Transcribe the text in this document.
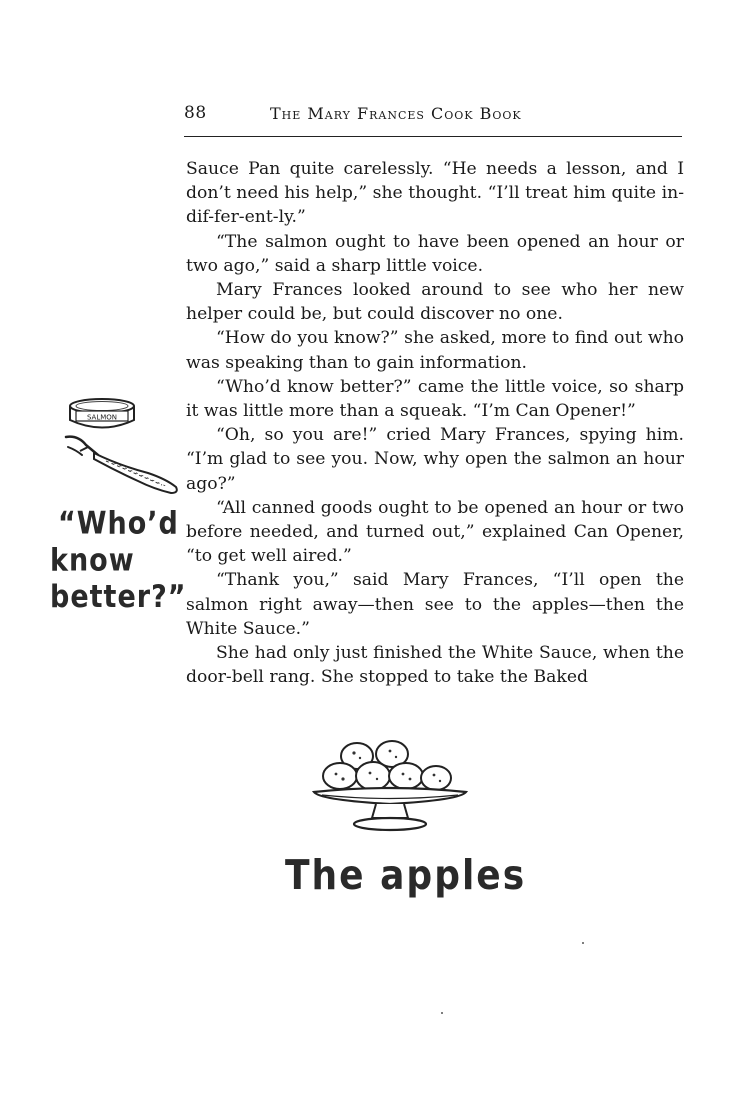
88	The Mary Frances Cook Book

Sauce Pan quite carelessly. “He needs a lesson, and I don’t need his help,” she thought. “I’ll treat him quite in-dif-fer-ent-ly.”

“The salmon ought to have been opened an hour or two ago,” said a sharp little voice.

Mary Frances looked around to see who her new helper could be, but could discover no one.

“How do you know?” she asked, more to find out who was speaking than to gain information.

“Who’d know better?” came the little voice, so sharp it was little more than a squeak. “I’m Can Opener!”

“Oh, so you are!” cried Mary Frances, spying him. “I’m glad to see you. Now, why open the salmon an hour ago?”

“All canned goods ought to be opened an hour or two before needed, and turned out,” explained Can Opener, “to get well aired.”

“Thank you,” said Mary Frances, “I’ll open the salmon right away—then see to the apples—then the White Sauce.”

She had only just finished the White Sauce, when the door-bell rang. She stopped to take the Baked

SALMON
“Who’d
know
better?”
The apples
